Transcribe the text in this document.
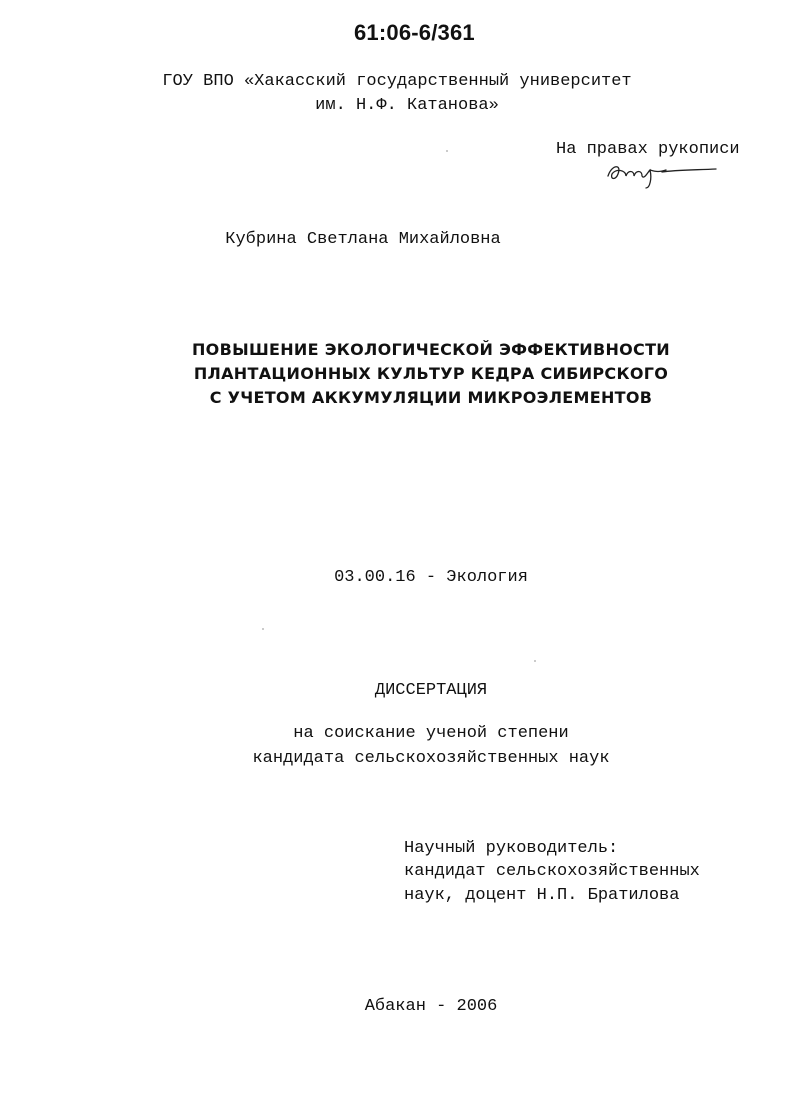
61:06-6/361
ГОУ ВПО «Хакасский государственный университет
им. Н.Ф. Катанова»
На правах рукописи
Кубрина Светлана Михайловна
ПОВЫШЕНИЕ ЭКОЛОГИЧЕСКОЙ ЭФФЕКТИВНОСТИ
ПЛАНТАЦИОННЫХ КУЛЬТУР КЕДРА СИБИРСКОГО
С УЧЕТОМ АККУМУЛЯЦИИ МИКРОЭЛЕМЕНТОВ
03.00.16 - Экология
ДИССЕРТАЦИЯ
на соискание ученой степени
кандидата сельскохозяйственных наук
Научный руководитель:
кандидат сельскохозяйственных
наук, доцент Н.П. Братилова
Абакан - 2006
